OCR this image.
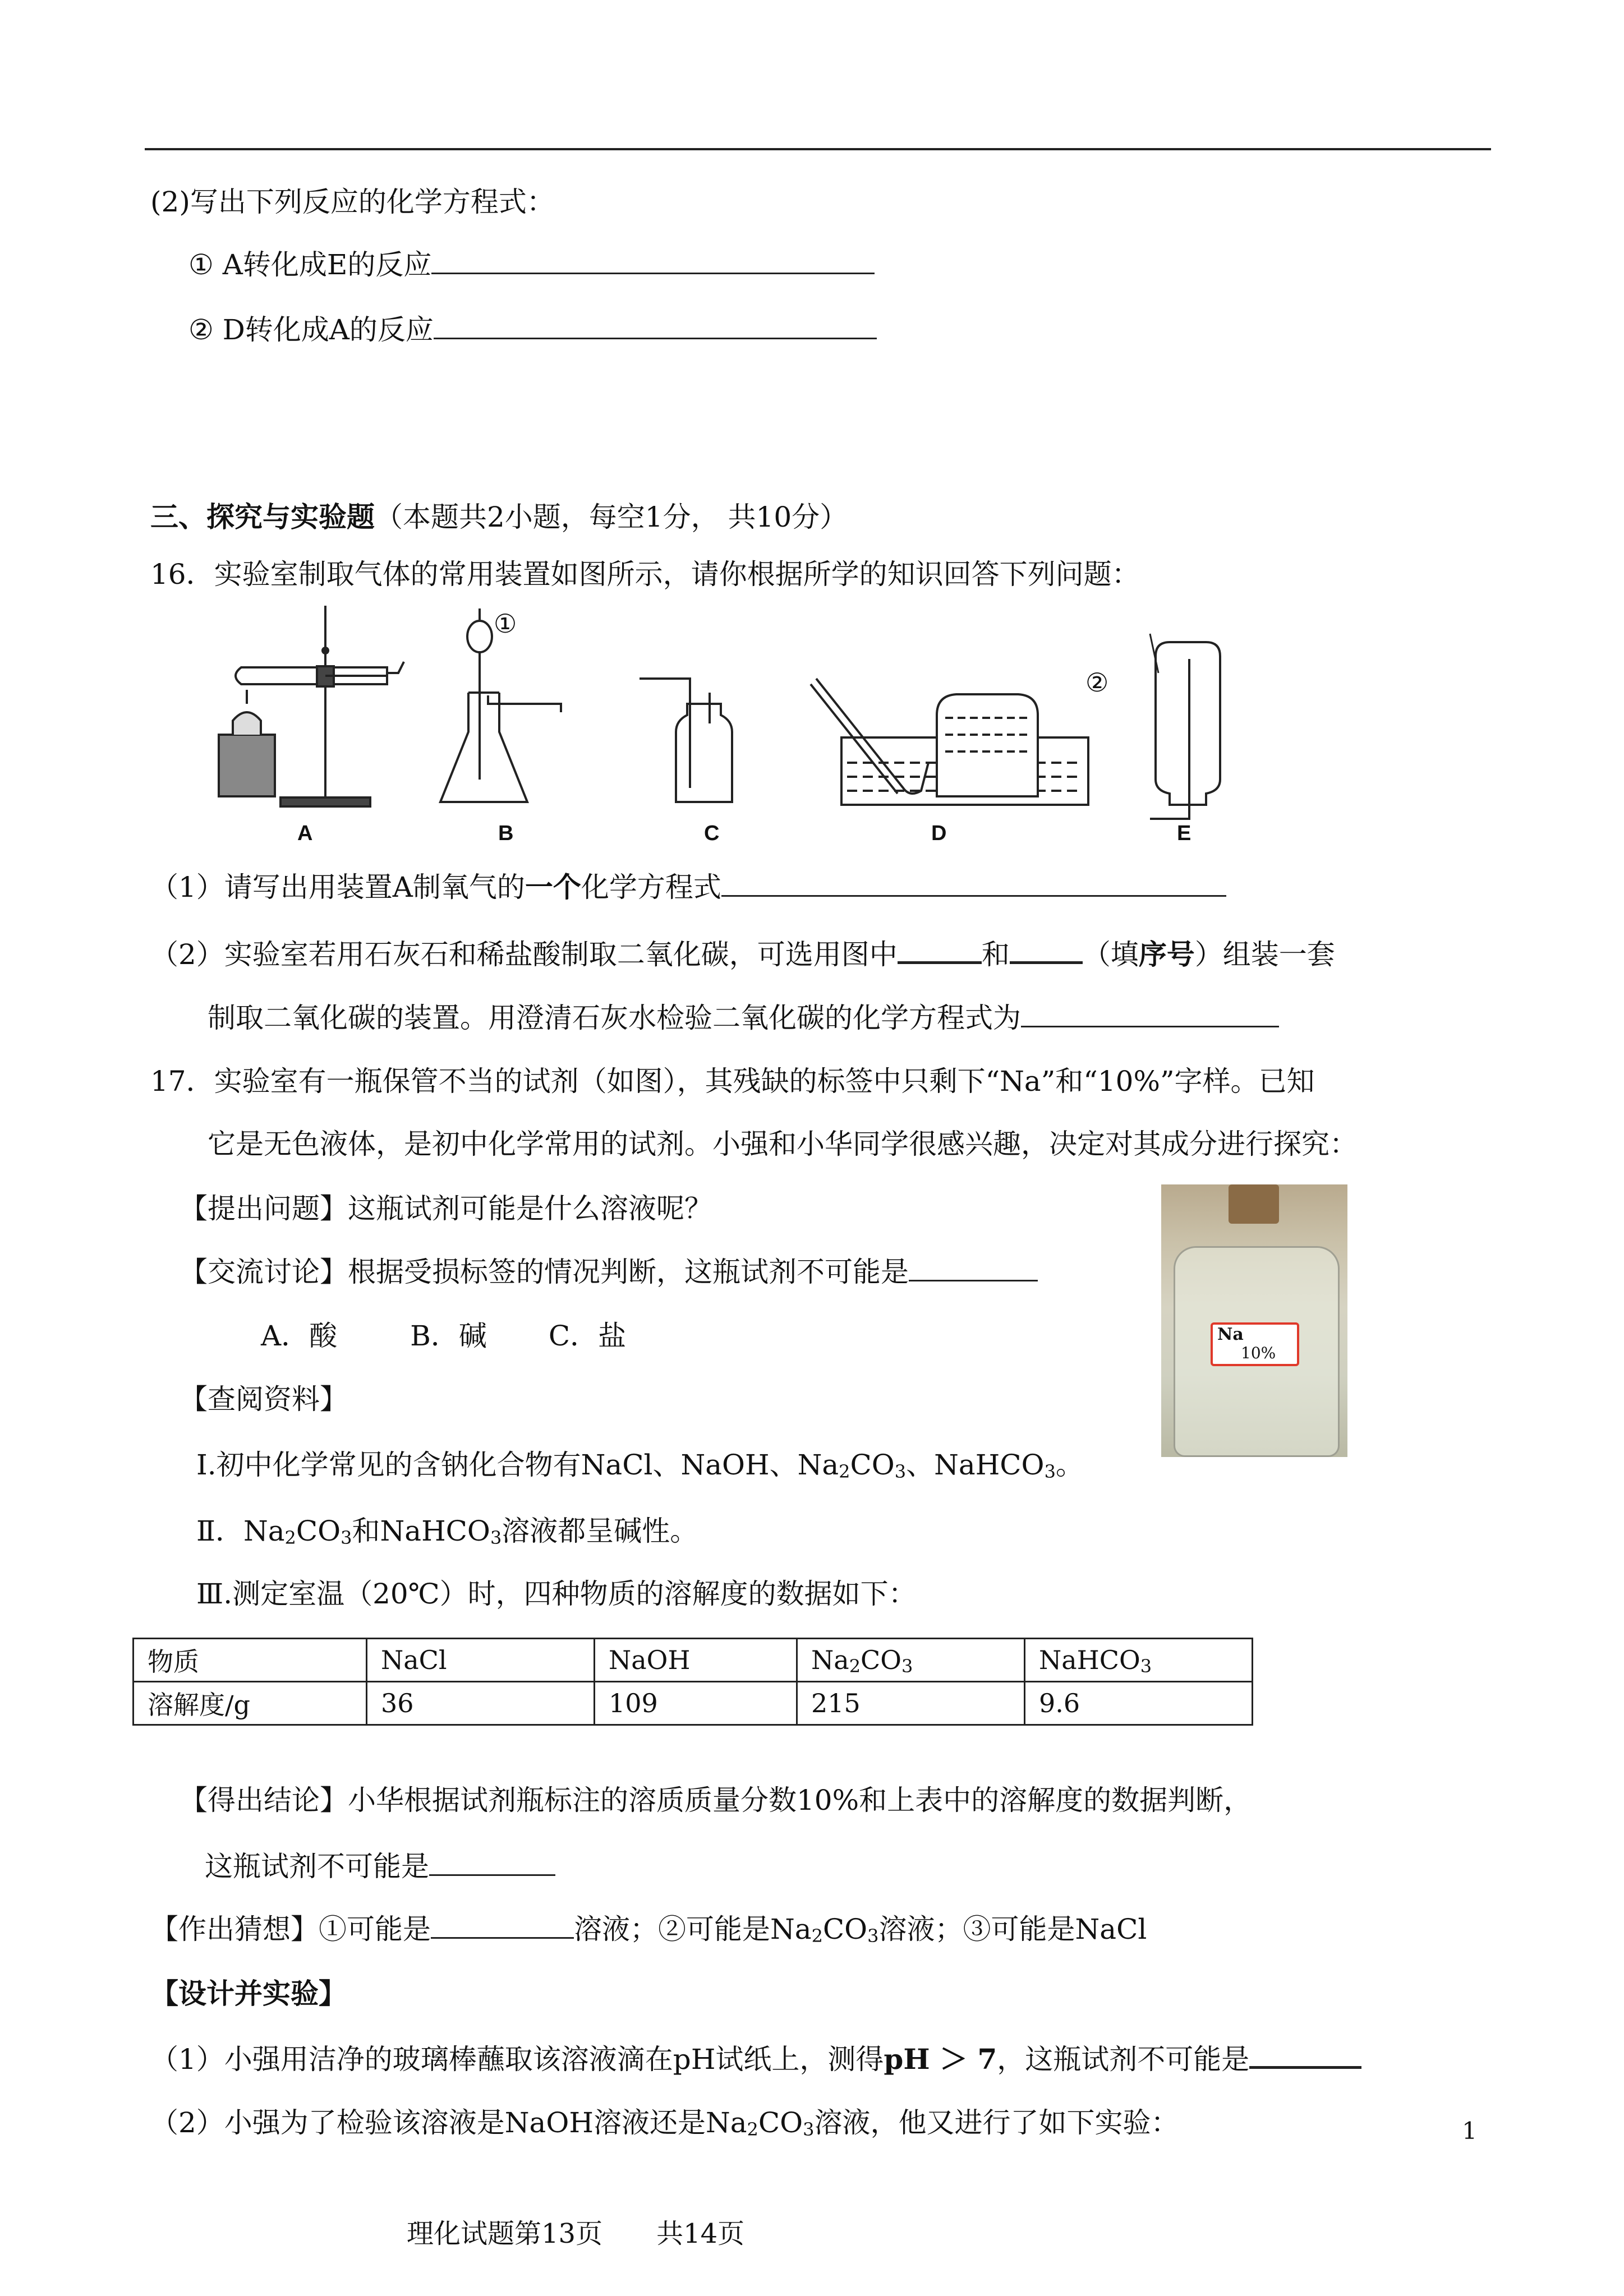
(2)写出下列反应的化学方程式：
① A转化成E的反应
② D转化成A的反应
三、探究与实验题（本题共2小题，每空1分， 共10分）
16．实验室制取气体的常用装置如图所示，请你根据所学的知识回答下列问题：
①
②
A	B	C	D	E
（1）请写出用装置A制氧气的一个化学方程式
（2）实验室若用石灰石和稀盐酸制取二氧化碳，可选用图中	和	（填序号）组装一套
制取二氧化碳的装置。用澄清石灰水检验二氧化碳的化学方程式为
17．实验室有一瓶保管不当的试剂（如图），其残缺的标签中只剩下“Na”和“10%”字样。已知
它是无色液体，是初中化学常用的试剂。小强和小华同学很感兴趣，决定对其成分进行探究：
【提出问题】这瓶试剂可能是什么溶液呢？
【交流讨论】根据受损标签的情况判断，这瓶试剂不可能是
A．酸	B．碱 C．盐	Na
10%
【查阅资料】
Ⅰ.初中化学常见的含钠化合物有NaCl、NaOH、$Na_2CO_3$、NaHCO$_3$。
Ⅱ．$Na_2CO_3$和NaHCO$_3$溶液都呈碱性。
Ⅲ.测定室温（20℃）时，四种物质的溶解度的数据如下：
物质	NaCl	NaOH	$Na_2CO_3$	NaHCO$_3$
溶解度/g	36	109	215	9.6
【得出结论】小华根据试剂瓶标注的溶质质量分数10%和上表中的溶解度的数据判断，
这瓶试剂不可能是
【作出猜想】①可能是	溶液；②可能是$Na_2CO_3$溶液；③可能是NaCl
【设计并实验】
（1）小强用洁净的玻璃棒蘸取该溶液滴在pH试纸上，测得pH ＞ 7，这瓶试剂不可能是
（2）小强为了检验该溶液是NaOH溶液还是$Na_2CO_3$溶液，他又进行了如下实验：	1
理化试题第13页　　共14页
